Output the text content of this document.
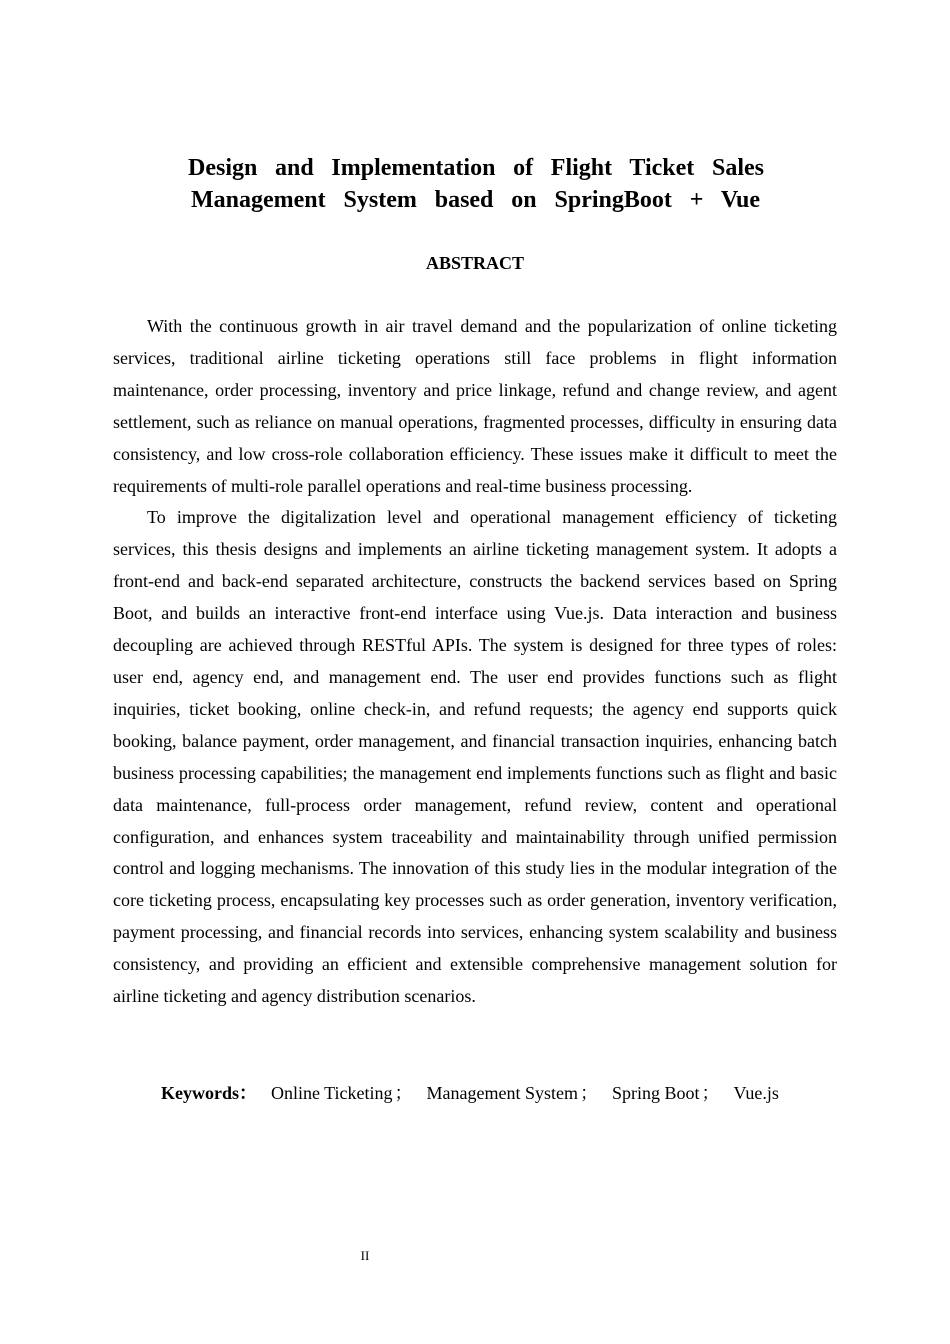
Design and Implementation of Flight Ticket Sales
Management System based on SpringBoot + Vue
ABSTRACT

With the continuous growth in air travel demand and the popularization of online ticketing services, traditional airline ticketing operations still face problems in flight information maintenance, order processing, inventory and price linkage, refund and change review, and agent settlement, such as reliance on manual operations, fragmented processes, difficulty in ensuring data consistency, and low cross-role collaboration efficiency. These issues make it difficult to meet the requirements of multi-role parallel operations and real-time business processing.

To improve the digitalization level and operational management efficiency of ticketing services, this thesis designs and implements an airline ticketing management system. It adopts a front-end and back-end separated architecture, constructs the backend services based on Spring Boot, and builds an interactive front-end interface using Vue.js. Data interaction and business decoupling are achieved through RESTful APIs. The system is designed for three types of roles: user end, agency end, and management end. The user end provides functions such as flight inquiries, ticket booking, online check-in, and refund requests; the agency end supports quick booking, balance payment, order management, and financial transaction inquiries, enhancing batch business processing capabilities; the management end implements functions such as flight and basic data maintenance, full-process order management, refund review, content and operational configuration, and enhances system traceability and maintainability through unified permission control and logging mechanisms. The innovation of this study lies in the modular integration of the core ticketing process, encapsulating key processes such as order generation, inventory verification, payment processing, and financial records into services, enhancing system scalability and business consistency, and providing an efficient and extensible comprehensive management solution for airline ticketing and agency distribution scenarios.

Keywords： Online Ticketing ； Management System ； Spring Boot ； Vue.js
II
